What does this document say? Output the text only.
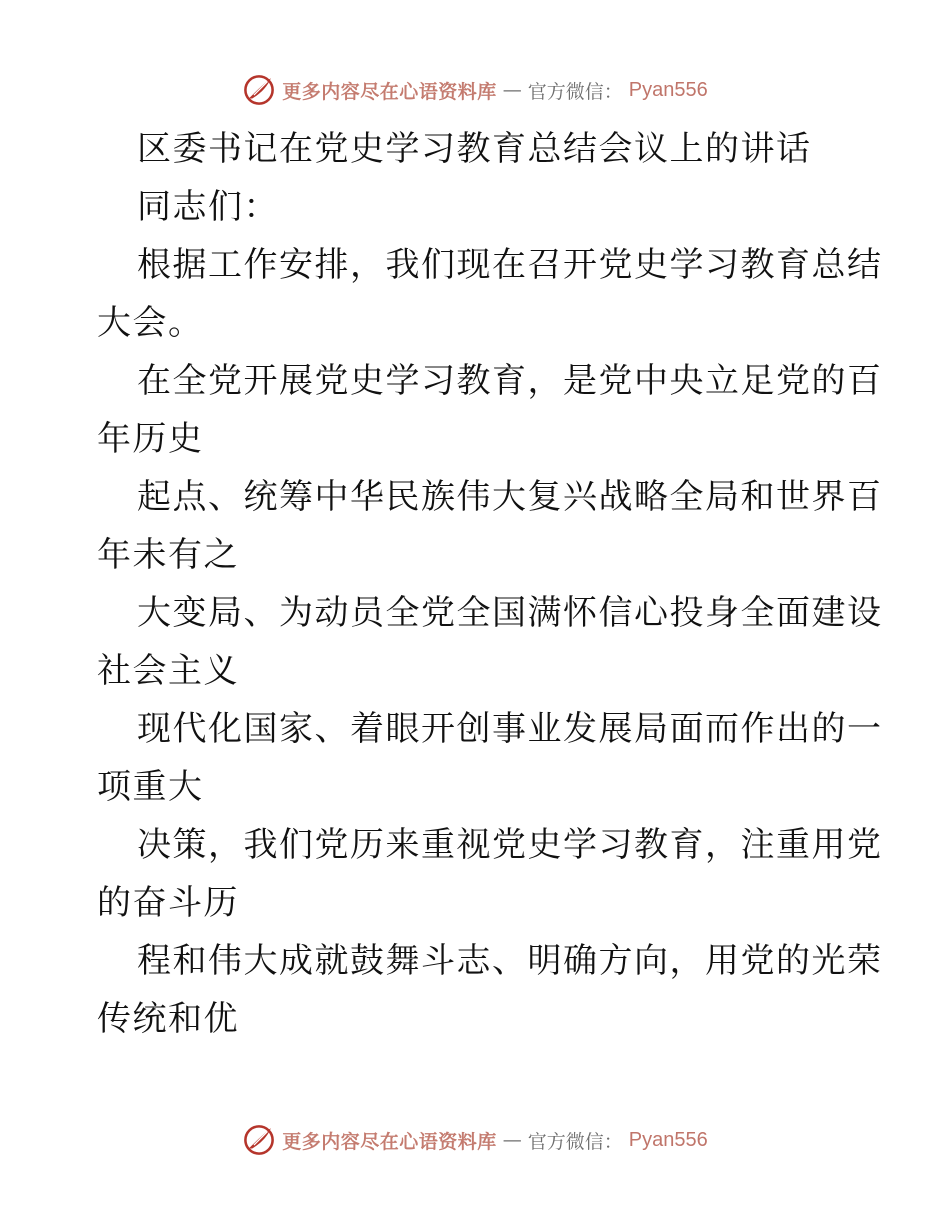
更多内容尽在心语资料库 — 官方微信： Pyan556
区委书记在党史学习教育总结会议上的讲话
同志们：
根据工作安排，我们现在召开党史学习教育总结
大会。
在全党开展党史学习教育，是党中央立足党的百
年历史
起点、统筹中华民族伟大复兴战略全局和世界百
年未有之
大变局、为动员全党全国满怀信心投身全面建设
社会主义
现代化国家、着眼开创事业发展局面而作出的一
项重大
决策，我们党历来重视党史学习教育，注重用党
的奋斗历
程和伟大成就鼓舞斗志、明确方向，用党的光荣
传统和优
更多内容尽在心语资料库 — 官方微信： Pyan556
